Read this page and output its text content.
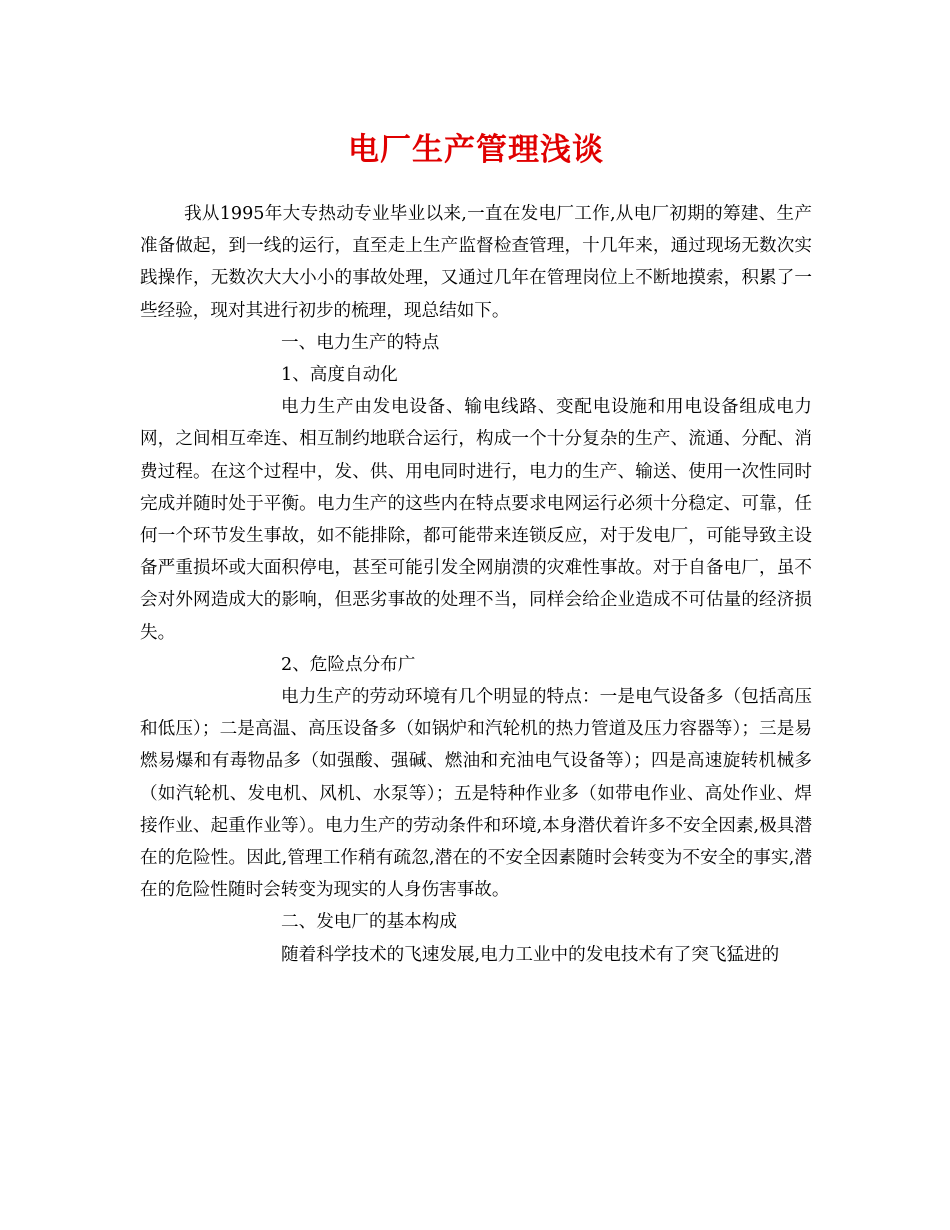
电厂生产管理浅谈

我从1995年大专热动专业毕业以来,一直在发电厂工作,从电厂初期的筹建、生产准备做起，到一线的运行，直至走上生产监督检查管理，十几年来，通过现场无数次实践操作，无数次大大小小的事故处理，又通过几年在管理岗位上不断地摸索，积累了一些经验，现对其进行初步的梳理，现总结如下。

一、电力生产的特点

1、高度自动化

电力生产由发电设备、输电线路、变配电设施和用电设备组成电力网，之间相互牵连、相互制约地联合运行，构成一个十分复杂的生产、流通、分配、消费过程。在这个过程中，发、供、用电同时进行，电力的生产、输送、使用一次性同时完成并随时处于平衡。电力生产的这些内在特点要求电网运行必须十分稳定、可靠，任何一个环节发生事故，如不能排除，都可能带来连锁反应，对于发电厂，可能导致主设备严重损坏或大面积停电，甚至可能引发全网崩溃的灾难性事故。对于自备电厂，虽不会对外网造成大的影响，但恶劣事故的处理不当，同样会给企业造成不可估量的经济损失。

2、危险点分布广

电力生产的劳动环境有几个明显的特点：一是电气设备多（包括高压和低压）；二是高温、高压设备多（如锅炉和汽轮机的热力管道及压力容器等）；三是易燃易爆和有毒物品多（如强酸、强碱、燃油和充油电气设备等）；四是高速旋转机械多（如汽轮机、发电机、风机、水泵等）；五是特种作业多（如带电作业、高处作业、焊接作业、起重作业等）。电力生产的劳动条件和环境,本身潜伏着许多不安全因素,极具潜在的危险性。因此,管理工作稍有疏忽,潜在的不安全因素随时会转变为不安全的事实,潜在的危险性随时会转变为现实的人身伤害事故。

二、发电厂的基本构成

随着科学技术的飞速发展,电力工业中的发电技术有了突飞猛进的
